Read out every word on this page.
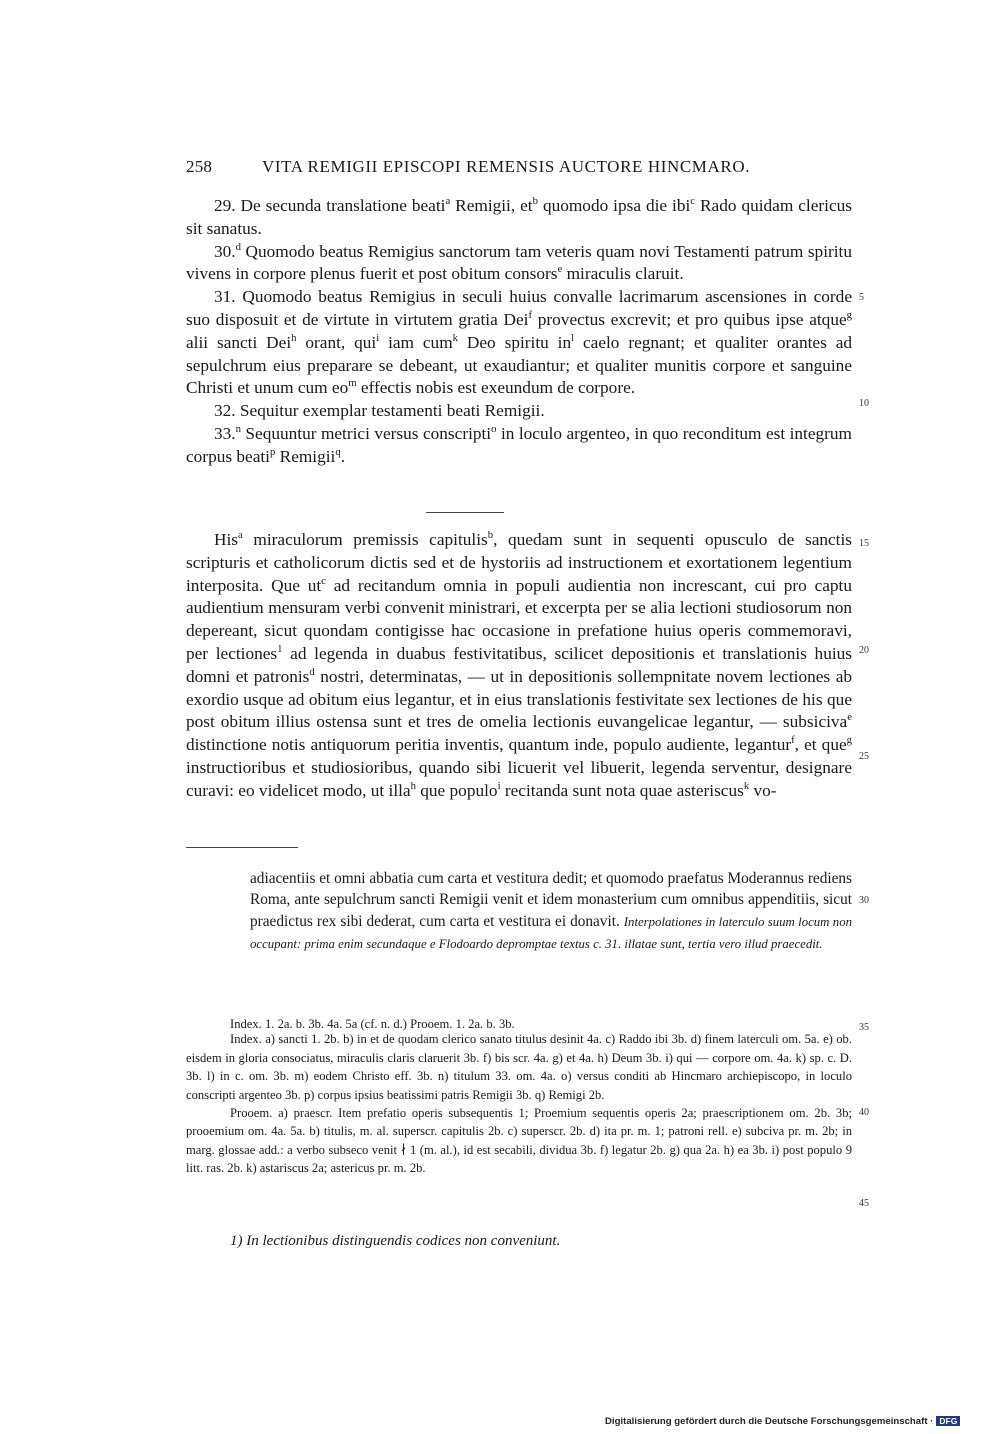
258	VITA REMIGII EPISCOPI REMENSIS AUCTORE HINCMARO.

29. De secunda translatione beati$^a$ Remigii, $et^b$ quomodo ipsa die ibi$^c$ Rado quidam clericus sit sanatus.

30.$^d$ Quomodo beatus Remigius sanctorum tam veteris quam novi Testamenti patrum spiritu vivens in corpore plenus fuerit et post obitum consors$^e$ miraculis claruit.

31. Quomodo beatus Remigius in seculi huius convalle lacrimarum ascensiones in corde suo disposuit et de virtute in virtutem gratia Dei$^f$ provectus excrevit; et pro quibus ipse atque$^g$ alii sancti Dei$^h$ orant, qui$^i$ iam cum$^k$ Deo spiritu $in^l$ caelo regnant; et qualiter orantes ad sepulchrum eius preparare se debeant, ut exaudiantur; et qualiter munitis corpore et sanguine Christi et unum cum $eo^m$ effectis nobis est exeundum de corpore.

32. Sequitur exemplar testamenti beati Remigii.

33.$^n$ Sequuntur metrici versus conscripti$^o$ in loculo argenteo, in quo reconditum est integrum corpus beati$^p$ Remigii$^q$.

His$^a$ miraculorum premissis capitulis$^b$, quedam sunt in sequenti opusculo de sanctis scripturis et catholicorum dictis sed et de hystoriis ad instructionem et exortationem legentium interposita. Que $ut^c$ ad recitandum omnia in populi audientia non increscant, cui pro captu audientium mensuram verbi convenit ministrari, et excerpta per se alia lectioni studiosorum non depereant, sicut quondam contigisse hac occasione in prefatione huius operis commemoravi, per lectiones$^1$ ad legenda in duabus festivitatibus, scilicet depositionis et translationis huius domni et patronis$^d$ nostri, determinatas, — ut in depositionis sollempnitate novem lectiones ab exordio usque ad obitum eius legantur, et in eius translationis festivitate sex lectiones de his que post obitum illius ostensa sunt et tres de omelia lectionis euvangelicae legantur, — subsiciva$^e$ distinctione notis antiquorum peritia inventis, quantum inde, populo audiente, legantur$^f$, et que$^g$ instructioribus et studiosioribus, quando sibi licuerit vel libuerit, legenda serventur, designare curavi: eo videlicet modo, ut illa$^h$ que populo$^i$ recitanda sunt nota quae asteriscus$^k$ vo-

adiacentiis et omni abbatia cum carta et vestitura dedit; et quomodo praefatus Moderannus rediens Roma, ante sepulchrum sancti Remigii venit et idem monasterium cum omnibus appenditiis, sicut praedictus rex sibi dederat, cum carta et vestitura ei donavit. Interpolationes in laterculo suum locum non occupant: prima enim secundaque e Flodoardo depromptae textus c. 31. illatae sunt, tertia vero illud praecedit.
Index. 1. 2a. b. 3b. 4a. 5a (cf. n. d.) Prooem. 1. 2a. b. 3b.

Index. a) sancti 1. 2b. b) in et de quodam clerico sanato titulus desinit 4a. c) Raddo ibi 3b. d) finem laterculi om. 5a. e) ob. eisdem in gloria consociatus, miraculis claris claruerit 3b. f) bis scr. 4a. g) et 4a. h) Deum 3b. i) qui — corpore om. 4a. k) sp. c. D. 3b. l) in c. om. 3b. m) eodem Christo eff. 3b. n) titulum 33. om. 4a. o) versus conditi ab Hincmaro archiepiscopo, in loculo conscripti argenteo 3b. p) corpus ipsius beatissimi patris Remigii 3b. q) Remigi 2b.

Prooem. a) praescr. Item prefatio operis subsequentis 1; Proemium sequentis operis 2a; praescriptionem om. 2b. 3b; prooemium om. 4a. 5a. b) titulis, m. al. superscr. capitulis 2b. c) superscr. 2b. d) ita pr. m. 1; patroni rell. e) subciva pr. m. 2b; in marg. glossae add.: a verbo subseco venit ∤ 1 (m. al.), id est secabili, dividua 3b. f) legatur 2b. g) qua 2a. h) ea 3b. i) post populo 9 litt. ras. 2b. k) astariscus 2a; astericus pr. m. 2b.

1) In lectionibus distinguendis codices non conveniunt.
5
10
15
20
25
30
35
40
45
Digitalisierung gefördert durch die Deutsche Forschungsgemeinschaft · DFG
